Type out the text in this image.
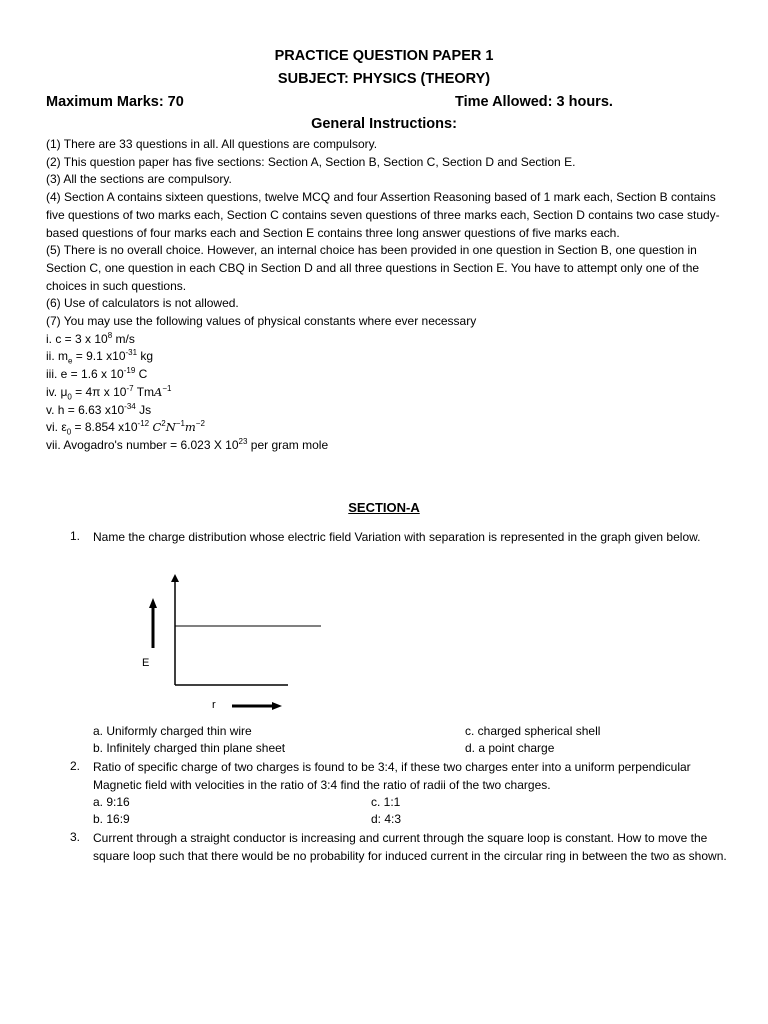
PRACTICE QUESTION PAPER 1
SUBJECT: PHYSICS (THEORY)
Maximum Marks: 70	Time Allowed: 3 hours.
General Instructions:
(1) There are 33 questions in all. All questions are compulsory.
(2) This question paper has five sections: Section A, Section B, Section C, Section D and Section E.
(3) All the sections are compulsory.
(4) Section A contains sixteen questions, twelve MCQ and four Assertion Reasoning based of 1 mark each, Section B contains five questions of two marks each, Section C contains seven questions of three marks each, Section D contains two case study-based questions of four marks each and Section E contains three long answer questions of five marks each.
(5) There is no overall choice. However, an internal choice has been provided in one question in Section B, one question in Section C, one question in each CBQ in Section D and all three questions in Section E. You have to attempt only one of the choices in such questions.
(6) Use of calculators is not allowed.
(7) You may use the following values of physical constants where ever necessary
i. c = 3 x $10^8$ m/s
ii. $m_e = 9.1$ $x10^{-31}$ kg
iii. e = 1.6 x $10^{-19}$ C
iv. $\mu_0 = 4\pi$ x $10^{-7}$ TmA$^{-1}$
v. h = 6.63 $x10^{-34}$ Js
vi. $\varepsilon_0 = 8.854$ $x10^{-12}$ $C^2N^{-1}m^{-2}$
vii. Avogadro's number = 6.023 X $10^{23}$ per gram mole
SECTION-A
1. Name the charge distribution whose electric field Variation with separation is represented in the graph given below.
E
r
a. Uniformly charged thin wire	c. charged spherical shell
b. Infinitely charged thin plane sheet	d. a point charge
2. Ratio of specific charge of two charges is found to be 3:4, if these two charges enter into a uniform perpendicular Magnetic field with velocities in the ratio of 3:4 find the ratio of radii of the two charges.
a. 9:16	c. 1:1
b. 16:9	d: 4:3
3. Current through a straight conductor is increasing and current through the square loop is constant. How to move the square loop such that there would be no probability for induced current in the circular ring in between the two as shown.
